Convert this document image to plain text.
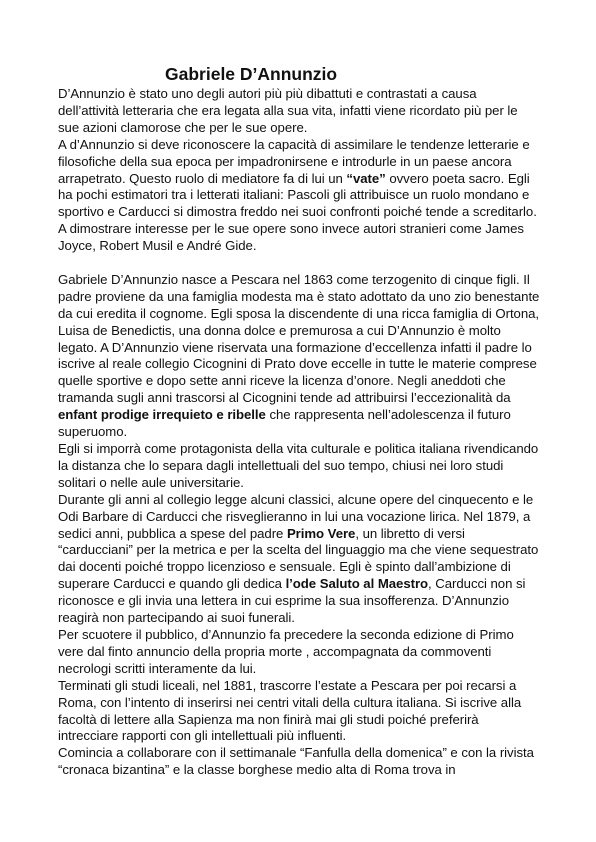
Gabriele D’Annunzio

D’Annunzio è stato uno degli autori più più dibattuti e contrastati a causa dell’attività letteraria che era legata alla sua vita, infatti viene ricordato più per le sue azioni clamorose che per le sue opere.

A d’Annunzio si deve riconoscere la capacità di assimilare le tendenze letterarie e filosofiche della sua epoca per impadronirsene e introdurle in un paese ancora arrapetrato. Questo ruolo di mediatore fa di lui un “vate” ovvero poeta sacro. Egli ha pochi estimatori tra i letterati italiani: Pascoli gli attribuisce un ruolo mondano e sportivo e Carducci si dimostra freddo nei suoi confronti poiché tende a screditarlo. A dimostrare interesse per le sue opere sono invece autori stranieri come James Joyce, Robert Musil e André Gide.

Gabriele D’Annunzio nasce a Pescara nel 1863 come terzogenito di cinque figli. Il padre proviene da una famiglia modesta ma è stato adottato da uno zio benestante da cui eredita il cognome. Egli sposa la discendente di una ricca famiglia di Ortona, Luisa de Benedictis, una donna dolce e premurosa a cui D’Annunzio è molto legato. A D’Annunzio viene riservata una formazione d’eccellenza infatti il padre lo iscrive al reale collegio Cicognini di Prato dove eccelle in tutte le materie comprese quelle sportive e dopo sette anni riceve la licenza d’onore. Negli aneddoti che tramanda sugli anni trascorsi al Cicognini tende ad attribuirsi l’eccezionalità da enfant prodige irrequieto e ribelle che rappresenta nell’adolescenza il futuro superuomo.

Egli si imporrà come protagonista della vita culturale e politica italiana rivendicando la distanza che lo separa dagli intellettuali del suo tempo, chiusi nei loro studi solitari o nelle aule universitarie.

Durante gli anni al collegio legge alcuni classici, alcune opere del cinquecento e le Odi Barbare di Carducci che risveglieranno in lui una vocazione lirica. Nel 1879, a sedici anni, pubblica a spese del padre Primo Vere, un libretto di versi “carducciani” per la metrica e per la scelta del linguaggio ma che viene sequestrato dai docenti poiché troppo licenzioso e sensuale. Egli è spinto dall’ambizione di superare Carducci e quando gli dedica l’ode Saluto al Maestro, Carducci non si riconosce e gli invia una lettera in cui esprime la sua insofferenza. D’Annunzio reagirà non partecipando ai suoi funerali.

Per scuotere il pubblico, d’Annunzio fa precedere la seconda edizione di Primo vere dal finto annuncio della propria morte , accompagnata da commoventi necrologi scritti interamente da lui.

Terminati gli studi liceali, nel 1881, trascorre l’estate a Pescara per poi recarsi a Roma, con l’intento di inserirsi nei centri vitali della cultura italiana. Si iscrive alla facoltà di lettere alla Sapienza ma non finirà mai gli studi poiché preferirà intrecciare rapporti con gli intellettuali più influenti.

Comincia a collaborare con il settimanale “Fanfulla della domenica” e con la rivista “cronaca bizantina” e la classe borghese medio alta di Roma trova in
